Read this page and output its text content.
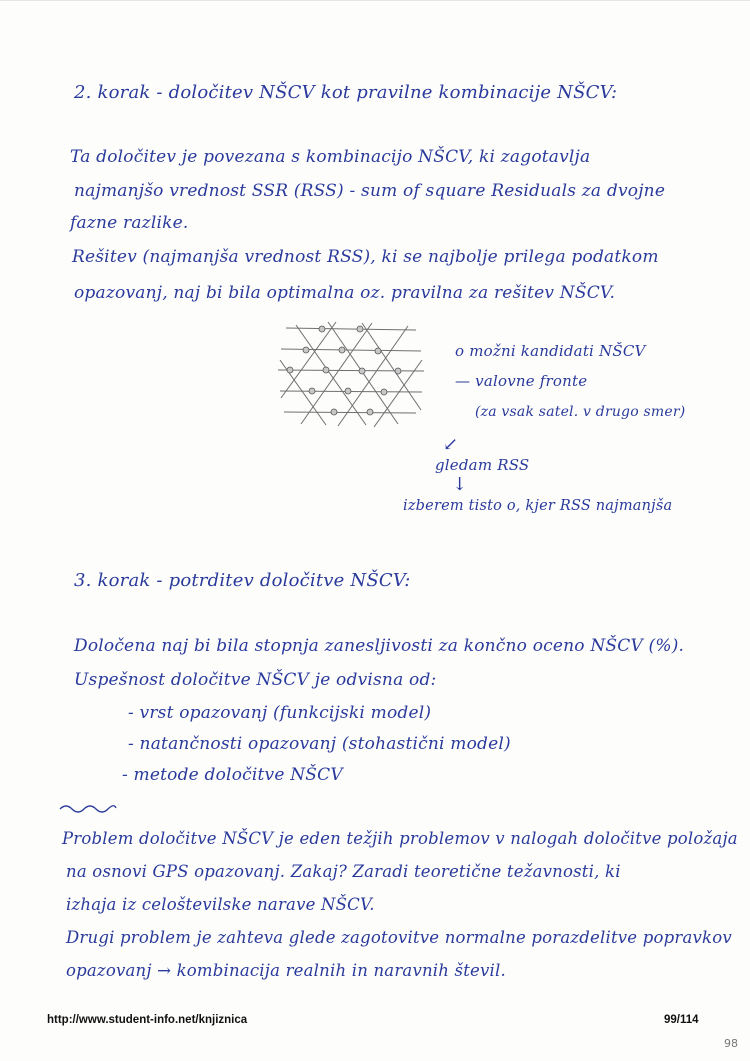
2. korak - določitev NŠCV kot pravilne kombinacije NŠCV:
Ta določitev je povezana s kombinacijo NŠCV, ki zagotavlja
najmanjšo vrednost SSR (RSS) - sum of square Residuals za dvojne
fazne razlike.
Rešitev (najmanjša vrednost RSS), ki se najbolje prilega podatkom
opazovanj, naj bi bila optimalna oz. pravilna za rešitev NŠCV.
o možni kandidati NŠCV
— valovne fronte
(za vsak satel. v drugo smer)
↙
gledam RSS
↓
izberem tisto o, kjer RSS najmanjša
3. korak - potrditev določitve NŠCV:
Določena naj bi bila stopnja zanesljivosti za končno oceno NŠCV (%).
Uspešnost določitve NŠCV je odvisna od:
- vrst opazovanj (funkcijski model)
- natančnosti opazovanj (stohastični model)
- metode določitve NŠCV
Problem določitve NŠCV je eden težjih problemov v nalogah določitve položaja
na osnovi GPS opazovanj. Zakaj? Zaradi teoretične težavnosti, ki
izhaja iz celoštevilske narave NŠCV.
Drugi problem je zahteva glede zagotovitve normalne porazdelitve popravkov
opazovanj → kombinacija realnih in naravnih števil.
http://www.student-info.net/knjiznica	99/114
98
